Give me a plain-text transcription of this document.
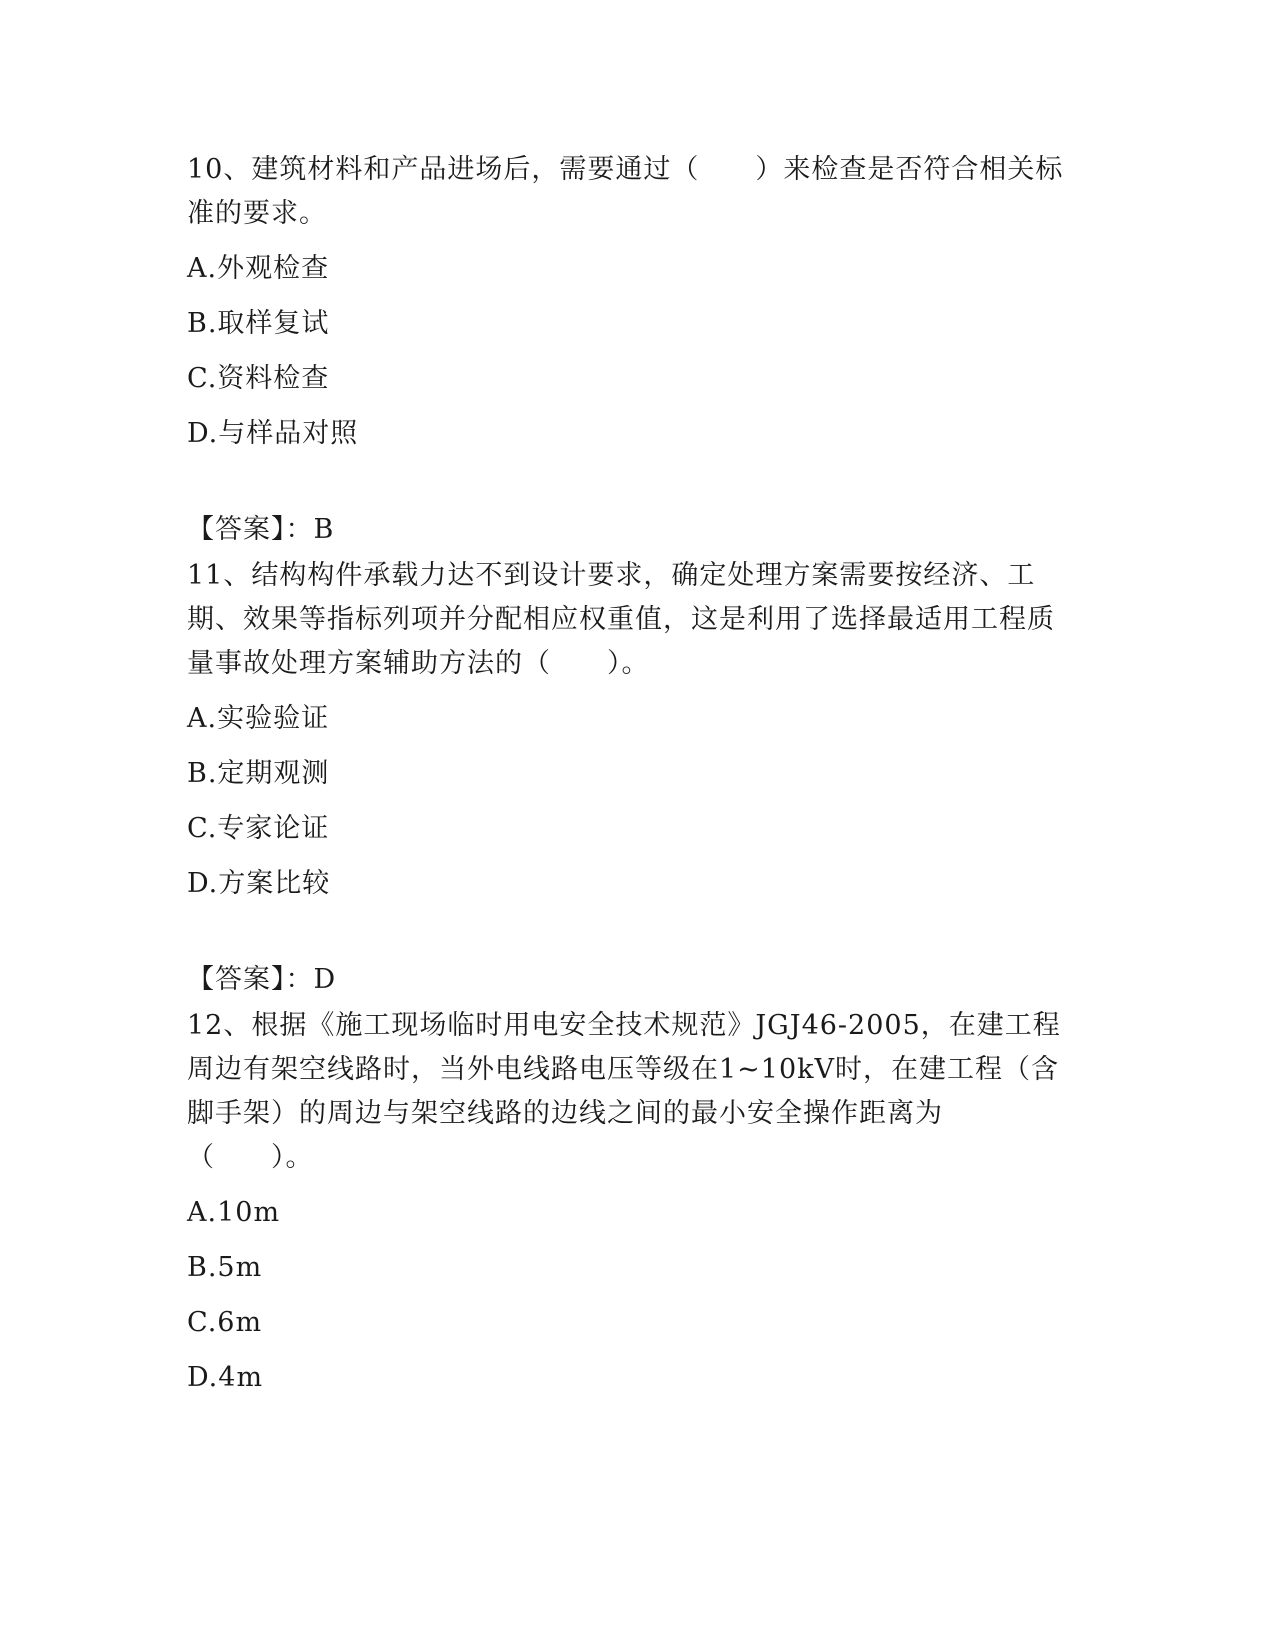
10、建筑材料和产品进场后，需要通过（　　）来检查是否符合相关标准的要求。

A.外观检查
B.取样复试
C.资料检查
D.与样品对照
【答案】：B

11、结构构件承载力达不到设计要求，确定处理方案需要按经济、工期、效果等指标列项并分配相应权重值，这是利用了选择最适用工程质量事故处理方案辅助方法的（　　）。

A.实验验证
B.定期观测
C.专家论证
D.方案比较
【答案】：D

12、根据《施工现场临时用电安全技术规范》JGJ46-2005，在建工程周边有架空线路时，当外电线路电压等级在1~10kV时，在建工程（含脚手架）的周边与架空线路的边线之间的最小安全操作距离为（　　）。

A.10m
B.5m
C.6m
D.4m
